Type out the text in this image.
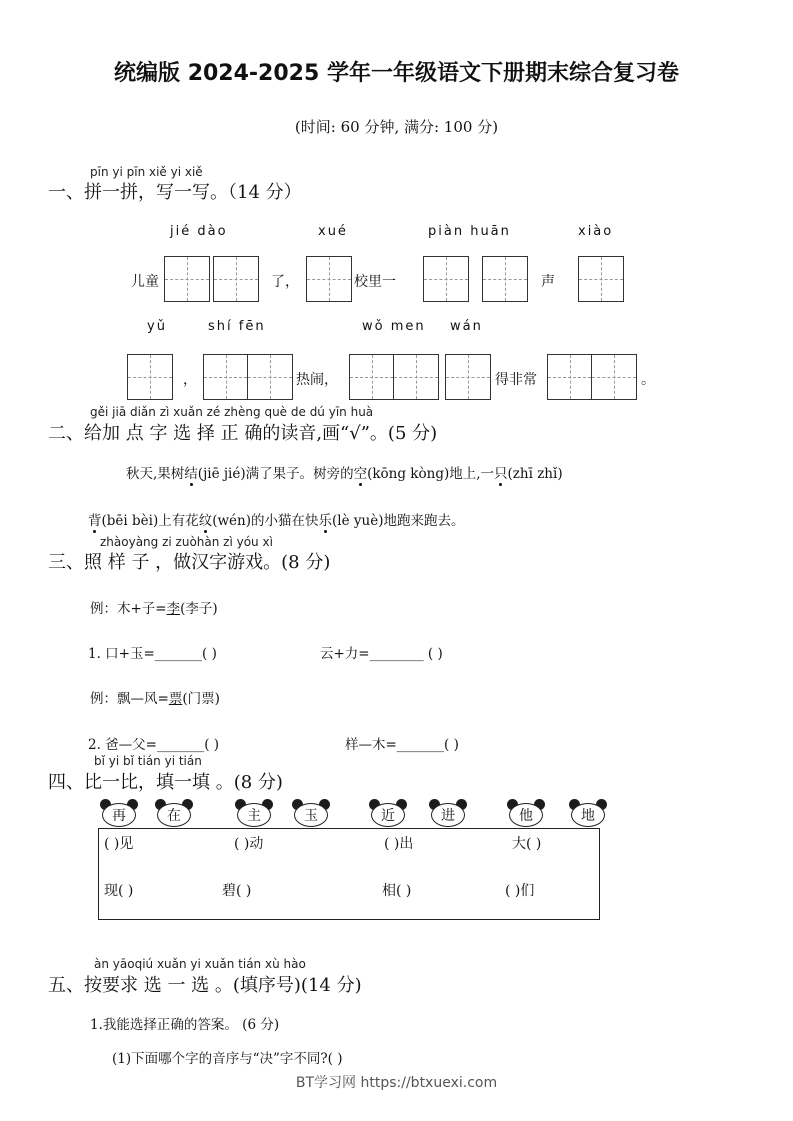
统编版 2024-2025 学年一年级语文下册期末综合复习卷
(时间: 60 分钟, 满分: 100 分)
pīn yi pīn xiě yi xiě
一、拼一拼，写一写。（14 分）
jié dào	xué	piàn huān	xiào
儿童	了，	校里一	声
yǔ	shí fēn	wǒ men wán
，	热闹，	得非常	。
gěi jiā diǎn zì xuǎn zé zhèng què de dú yīn huà
二、给加 点 字 选 择 正 确的读音,画“√”。(5 分)
秋天,果树结(jiē jié)满了果子。树旁的空(kōng kòng)地上,一只(zhī zhǐ)
背(bēi bèi)上有花纹(wén)的小猫在快乐(lè yuè)地跑来跑去。
zhàoyàng zi zuòhàn zì yóu xì
三、照 样 子 ，做汉字游戏。(8 分)
例：木+子=李(李子)
1. 口+玉=_______( )	云+力=________ ( )
例：飘—风=票(门票)
2. 爸—父=_______( )	样—木=_______( )
bǐ yi bǐ tián yi tián
四、比一比，填一填 。(8 分)
再	在	主	玉	近	进	他	地
( )见	( )动	( )出	大( )
现( )	碧( )	相( )	( )们
àn yāoqiú xuǎn yi xuǎn tián xù hào
五、按要求 选 一 选 。(填序号)(14 分)
1.我能选择正确的答案。 (6 分)
(1)下面哪个字的音序与“决”字不同?( )
BT学习网 https://btxuexi.com
